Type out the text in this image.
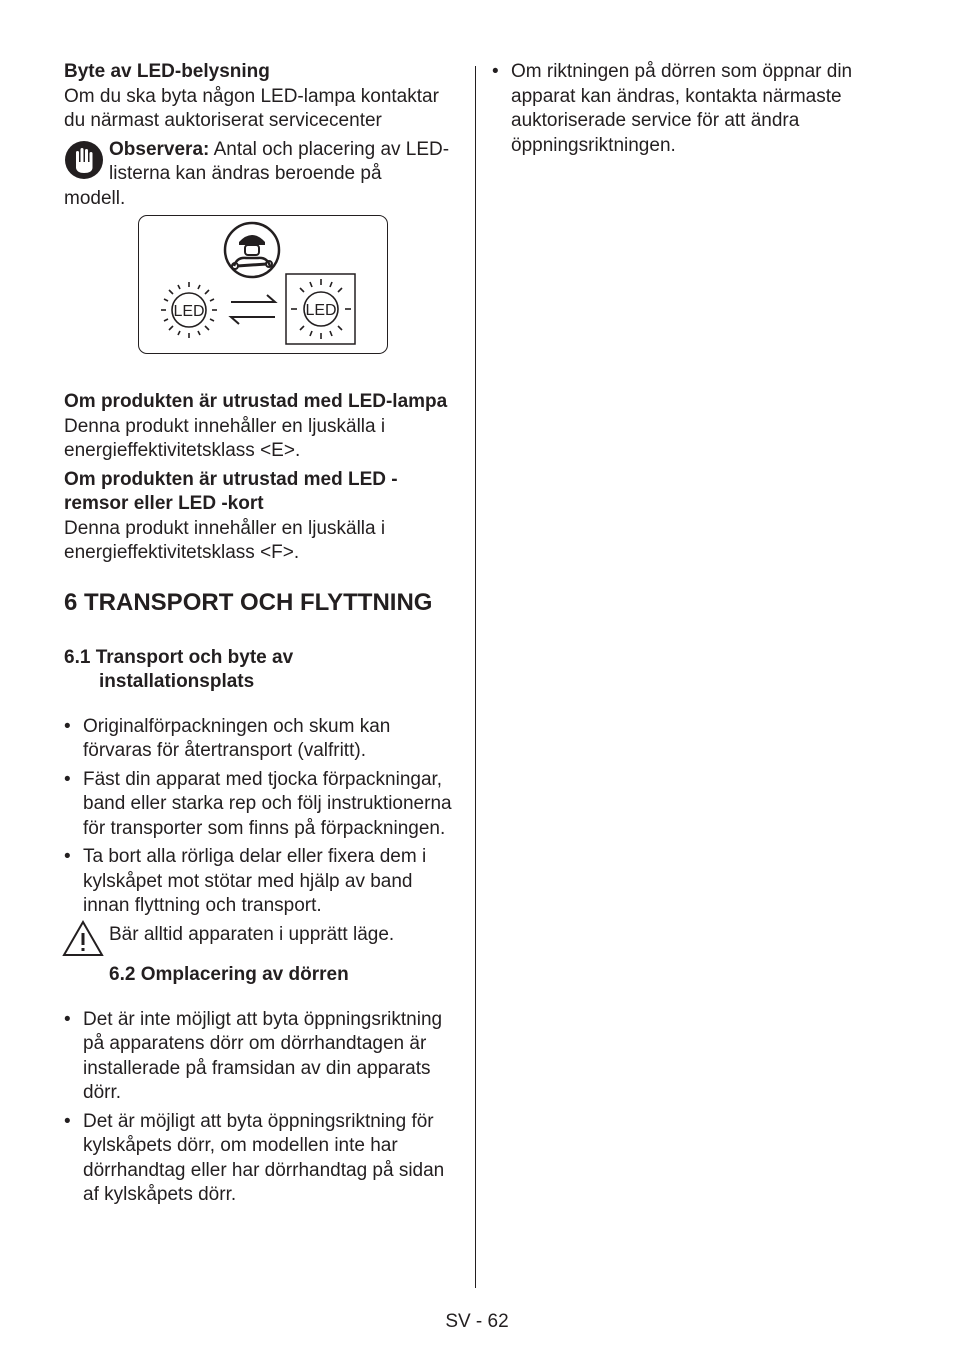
Byte av LED-belysning

Om du ska byta någon LED-lampa kontaktar du närmast auktoriserat servicecenter

Observera: Antal och placering av LED-listerna kan ändras beroende på

modell.

LED	LED

Om produkten är utrustad med LED-lampa

Denna produkt innehåller en ljuskälla i energieffektivitetsklass <E>.

Om produkten är utrustad med LED -remsor eller LED -kort

Denna produkt innehåller en ljuskälla i energieffektivitetsklass <F>.

6 TRANSPORT OCH FLYTTNING

6.1 Transport och byte av installationsplats

• Originalförpackningen och skum kan förvaras för återtransport (valfritt).
• Fäst din apparat med tjocka förpackningar, band eller starka rep och följ instruktionerna för transporter som finns på förpackningen.
• Ta bort alla rörliga delar eller fixera dem i kylskåpet mot stötar med hjälp av band innan flyttning och transport.

Bär alltid apparaten i upprätt läge.

6.2 Omplacering av dörren

• Det är inte möjligt att byta öppningsriktning på apparatens dörr om dörrhandtagen är installerade på framsidan av din apparats dörr.
• Det är möjligt att byta öppningsriktning för kylskåpets dörr, om modellen inte har dörrhandtag eller har dörrhandtag på sidan af kylskåpets dörr.
• Om riktningen på dörren som öppnar din apparat kan ändras, kontakta närmaste auktoriserade service för att ändra öppningsriktningen.
SV - 62
